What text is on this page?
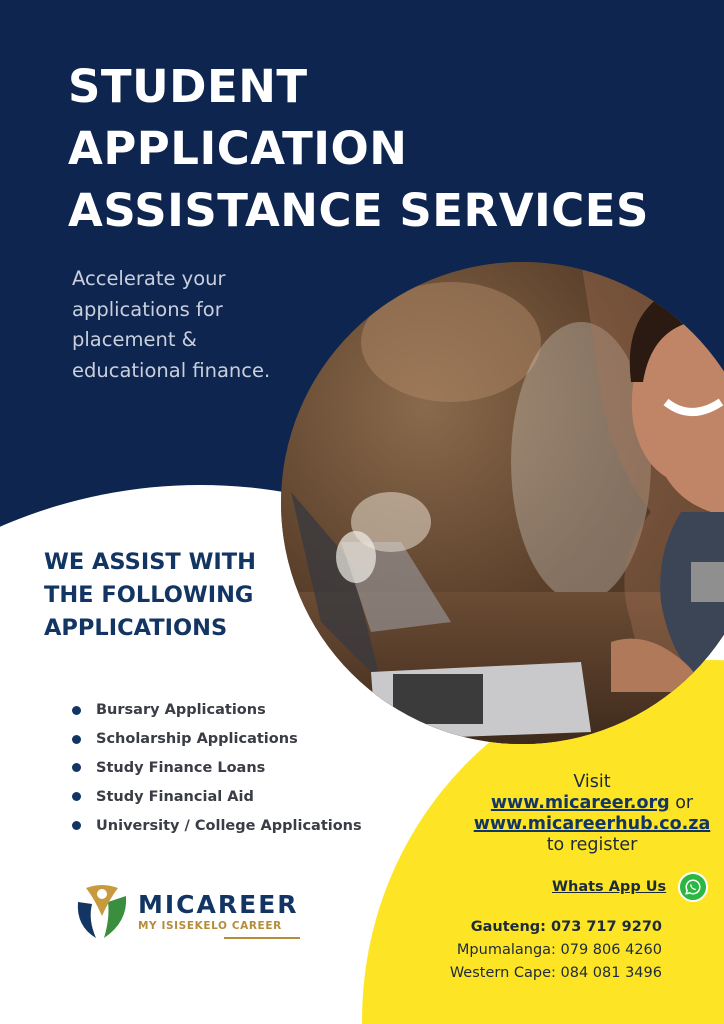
STUDENT
APPLICATION
ASSISTANCE SERVICES

Accelerate your
applications for
placement &
educational finance.

WE ASSIST WITH
THE FOLLOWING
APPLICATIONS
Bursary Applications
Scholarship Applications
Study Finance Loans
Study Financial Aid
University / College Applications
MICAREER
MY ISISEKELO CAREER
Visit
www.micareer.org or
www.micareerhub.co.za
to register
Whats App Us
Gauteng: 073 717 9270
Mpumalanga: 079 806 4260
Western Cape: 084 081 3496
